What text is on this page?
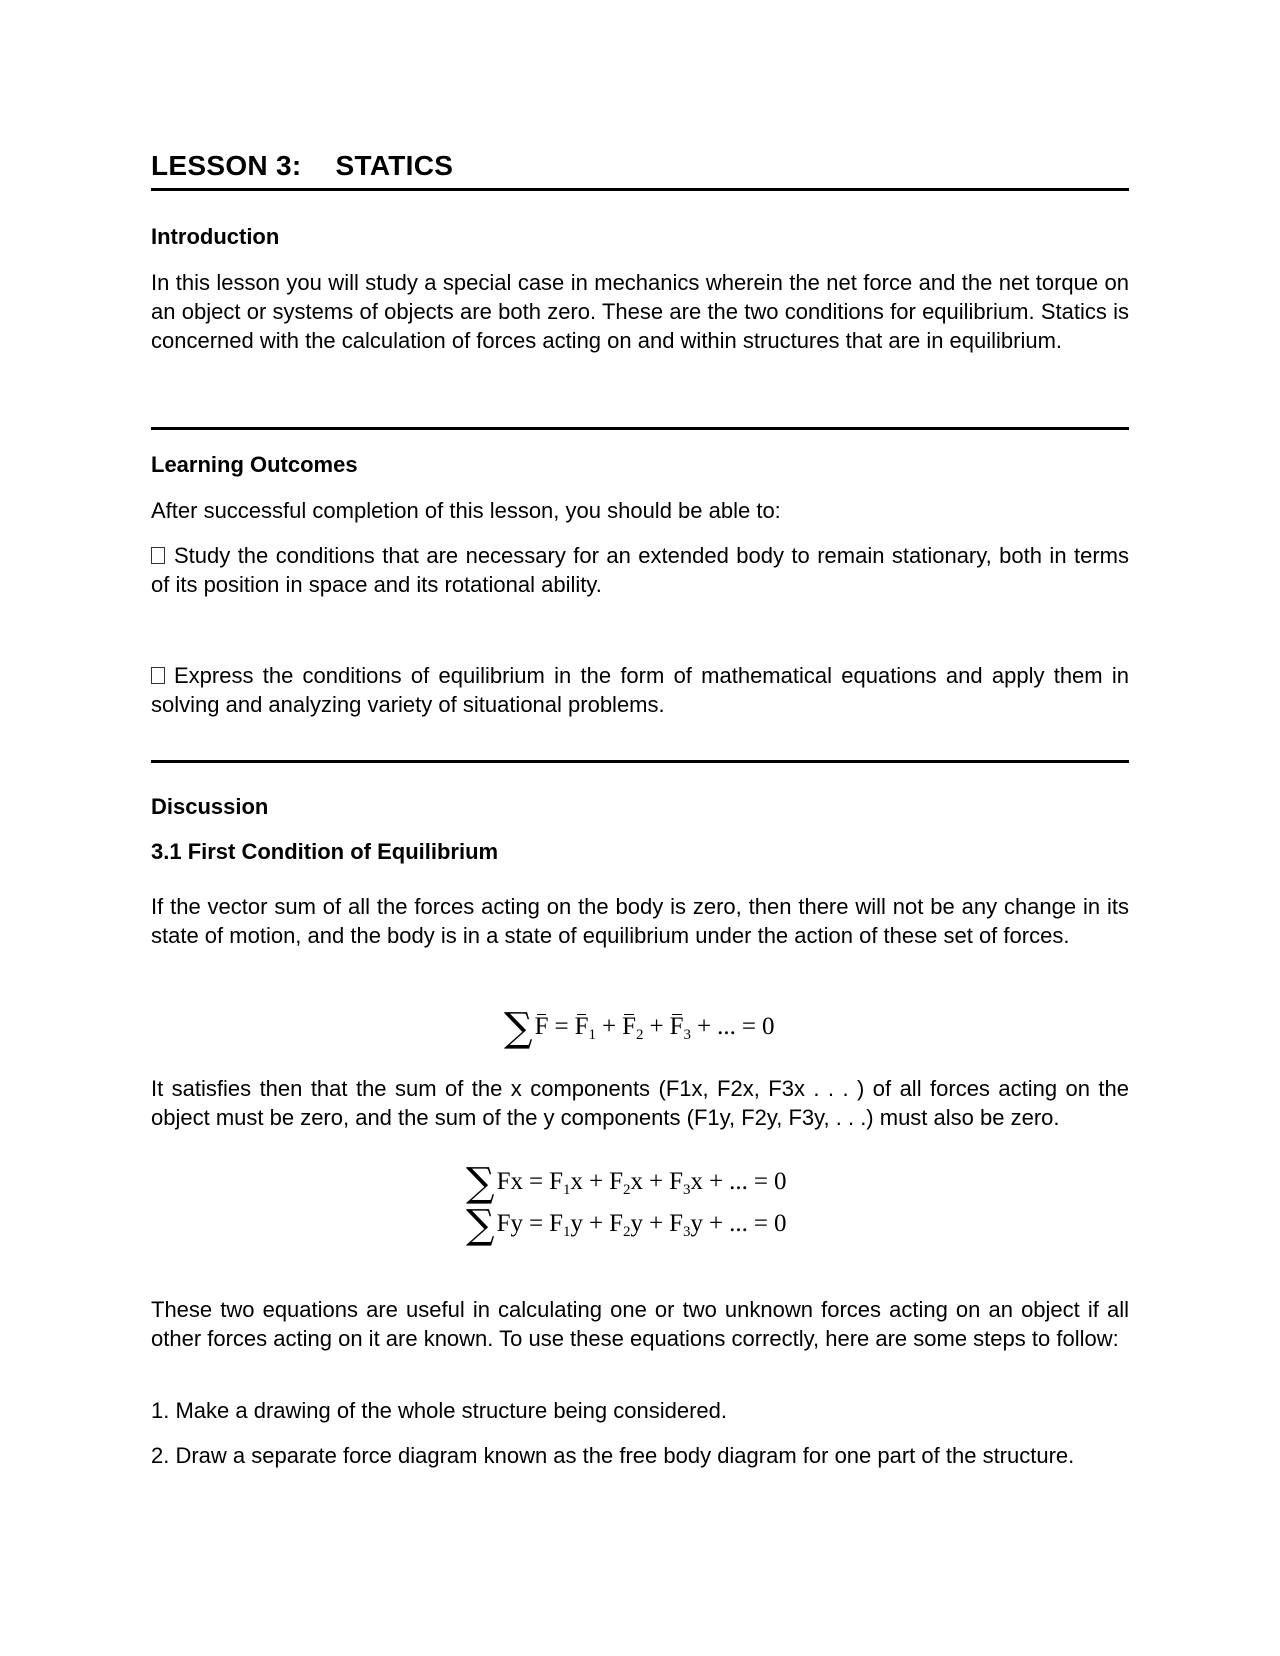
LESSON 3: STATICS
Introduction

In this lesson you will study a special case in mechanics wherein the net force and the net torque on an object or systems of objects are both zero. These are the two conditions for equilibrium. Statics is concerned with the calculation of forces acting on and within structures that are in equilibrium.

Learning Outcomes

After successful completion of this lesson, you should be able to:

Study the conditions that are necessary for an extended body to remain stationary, both in terms of its position in space and its rotational ability.

Express the conditions of equilibrium in the form of mathematical equations and apply them in solving and analyzing variety of situational problems.

Discussion
3.1 First Condition of Equilibrium

If the vector sum of all the forces acting on the body is zero, then there will not be any change in its state of motion, and the body is in a state of equilibrium under the action of these set of forces.

$\sum F = F_1 + F_2 + F_3$ + ... = 0

It satisfies then that the sum of the x components (F1x, F2x, F3x . . . ) of all forces acting on the object must be zero, and the sum of the y components (F1y, F2y, F3y, . . .) must also be zero.

$\sum Fx = F_1x + F_2x + F_3x$ + ... = 0
$\sum Fy = F_1y + F_2y + F_3y$ + ... = 0

These two equations are useful in calculating one or two unknown forces acting on an object if all other forces acting on it are known. To use these equations correctly, here are some steps to follow:

1. Make a drawing of the whole structure being considered.

2. Draw a separate force diagram known as the free body diagram for one part of the structure.
